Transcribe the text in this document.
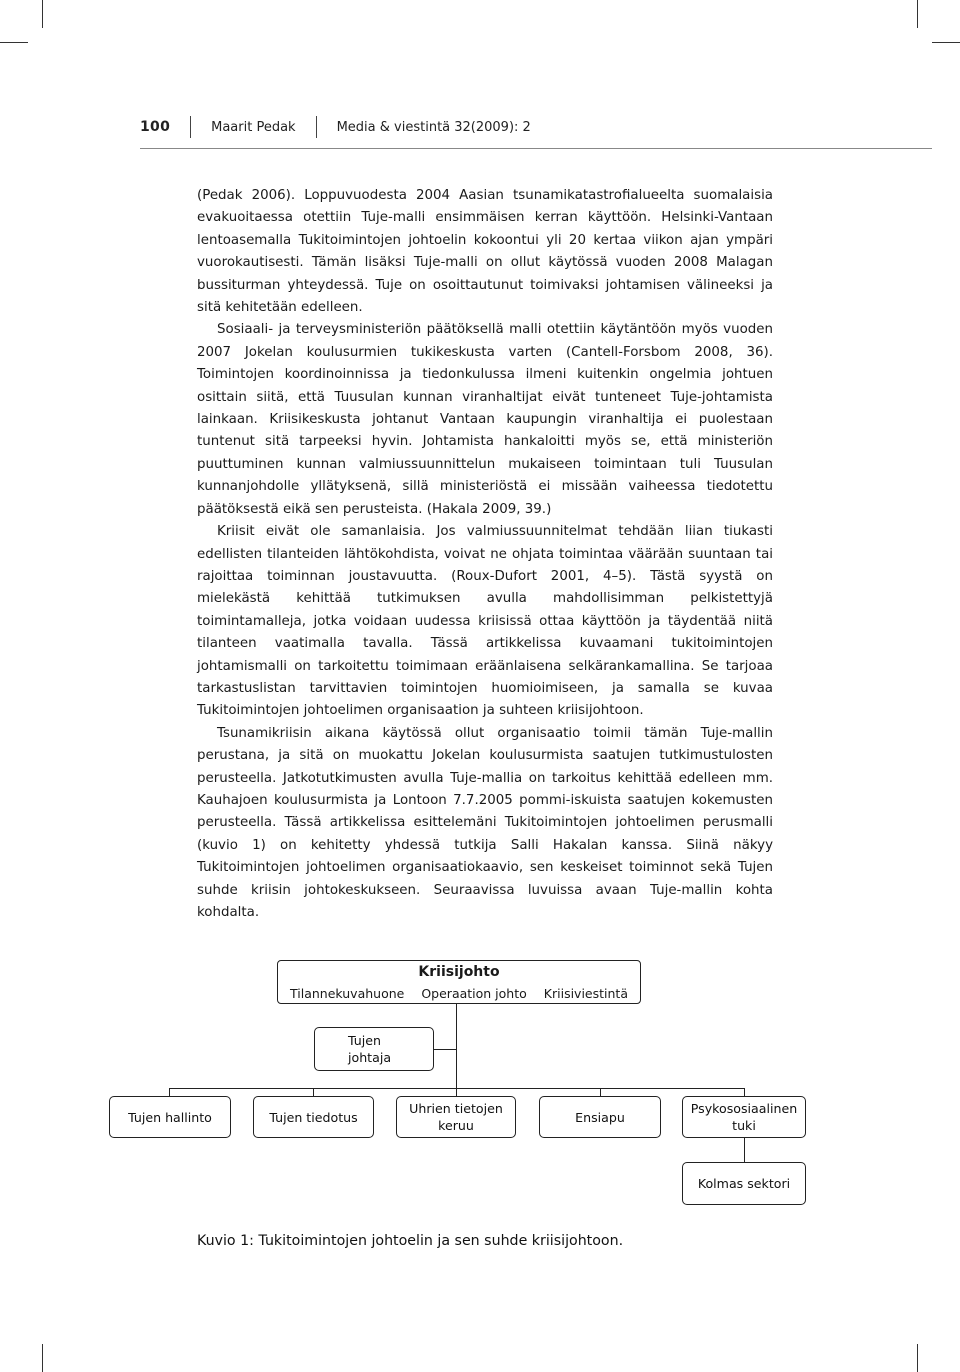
100	Maarit Pedak	Media & viestintä 32(2009): 2

(Pedak 2006). Loppuvuodesta 2004 Aasian tsunamikatastrofialueelta suomalaisia evakuoitaessa otettiin Tuje-malli ensimmäisen kerran käyttöön. Helsinki-Vantaan lentoasemalla Tukitoimintojen johtoelin kokoontui yli 20 kertaa viikon ajan ympäri vuorokautisesti. Tämän lisäksi Tuje-malli on ollut käytössä vuoden 2008 Malagan bussiturman yhteydessä. Tuje on osoittautunut toimivaksi johtamisen välineeksi ja sitä kehitetään edelleen.

Sosiaali- ja terveysministeriön päätöksellä malli otettiin käytäntöön myös vuoden 2007 Jokelan koulusurmien tukikeskusta varten (Cantell-Forsbom 2008, 36). Toimintojen koordinoinnissa ja tiedonkulussa ilmeni kuitenkin ongelmia johtuen osittain siitä, että Tuusulan kunnan viranhaltijat eivät tunteneet Tuje-johtamista lainkaan. Kriisikeskusta johtanut Vantaan kaupungin viranhaltija ei puolestaan tuntenut sitä tarpeeksi hyvin. Johtamista hankaloitti myös se, että ministeriön puuttuminen kunnan valmiussuunnittelun mukaiseen toimintaan tuli Tuusulan kunnanjohdolle yllätyksenä, sillä ministeriöstä ei missään vaiheessa tiedotettu päätöksestä eikä sen perusteista. (Hakala 2009, 39.)

Kriisit eivät ole samanlaisia. Jos valmiussuunnitelmat tehdään liian tiukasti edellisten tilanteiden lähtökohdista, voivat ne ohjata toimintaa väärään suuntaan tai rajoittaa toiminnan joustavuutta. (Roux-Dufort 2001, 4–5). Tästä syystä on mielekästä kehittää tutkimuksen avulla mahdollisimman pelkistettyjä toimintamalleja, jotka voidaan uudessa kriisissä ottaa käyttöön ja täydentää niitä tilanteen vaatimalla tavalla. Tässä artikkelissa kuvaamani tukitoimintojen johtamismalli on tarkoitettu toimimaan eräänlaisena selkärankamallina. Se tarjoaa tarkastuslistan tarvittavien toimintojen huomioimiseen, ja samalla se kuvaa Tukitoimintojen johtoelimen organisaation ja suhteen kriisijohtoon.

Tsunamikriisin aikana käytössä ollut organisaatio toimii tämän Tuje-mallin perustana, ja sitä on muokattu Jokelan koulusurmista saatujen tutkimustulosten perusteella. Jatkotutkimusten avulla Tuje-mallia on tarkoitus kehittää edelleen mm. Kauhajoen koulusurmista ja Lontoon 7.7.2005 pommi-iskuista saatujen kokemusten perusteella. Tässä artikkelissa esittelemäni Tukitoimintojen johtoelimen perusmalli (kuvio 1) on kehitetty yhdessä tutkija Salli Hakalan kanssa. Siinä näkyy Tukitoimintojen johtoelimen organisaatiokaavio, sen keskeiset toiminnot sekä Tujen suhde kriisin johtokeskukseen. Seuraavissa luvuissa avaan Tuje-mallin kohta kohdalta.

Kriisijohto
Tilannekuvahuone Operaation johto Kriisiviestintä
Tujen
johtaja
Tujen hallinto	Tujen tiedotus
Uhrien tietojen
keruu
Ensiapu
Psykososiaalinen
tuki
Kolmas sektori
Kuvio 1: Tukitoimintojen johtoelin ja sen suhde kriisijohtoon.
